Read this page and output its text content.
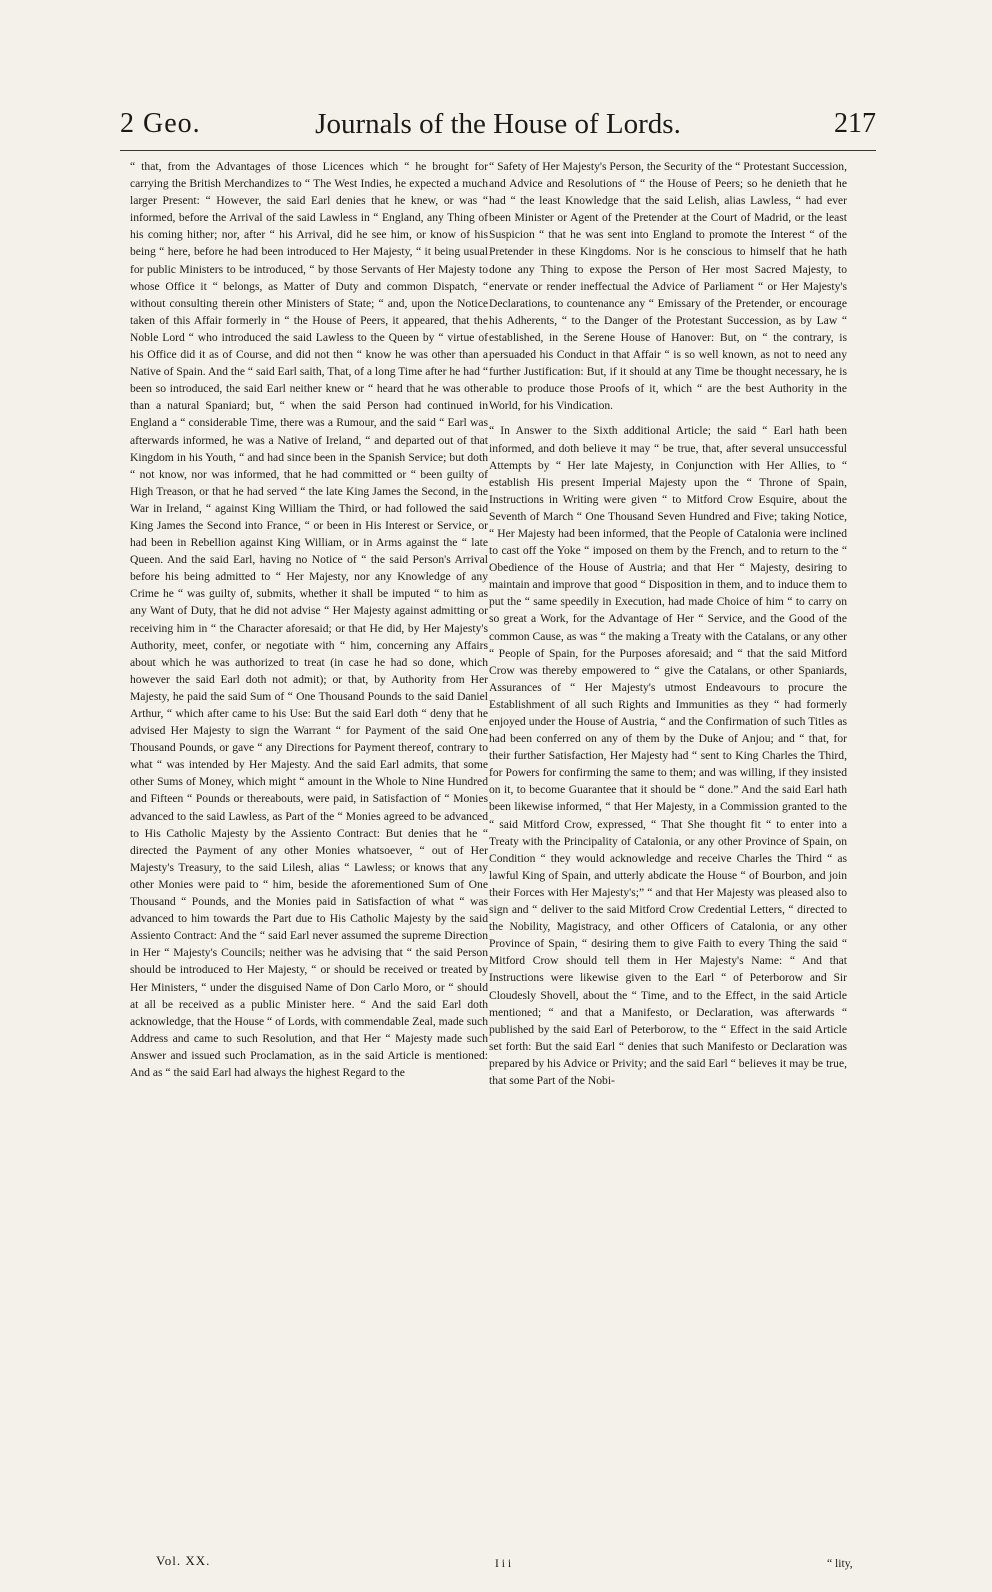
2 Geo.	Journals of the House of Lords.	217

“ that, from the Advantages of those Licences which “ he brought for carrying the British Merchandizes to “ The West Indies, he expected a much larger Present: “ However, the said Earl denies that he knew, or was “ informed, before the Arrival of the said Lawless in “ England, any Thing of his coming hither; nor, after “ his Arrival, did he see him, or know of his being “ here, before he had been introduced to Her Majesty, “ it being usual for public Ministers to be introduced, “ by those Servants of Her Majesty to whose Office it “ belongs, as Matter of Duty and common Dispatch, “ without consulting therein other Ministers of State; “ and, upon the Notice taken of this Affair formerly in “ the House of Peers, it appeared, that the Noble Lord “ who introduced the said Lawless to the Queen by “ virtue of his Office did it as of Course, and did not then “ know he was other than a Native of Spain. And the “ said Earl saith, That, of a long Time after he had “ been so introduced, the said Earl neither knew or “ heard that he was other than a natural Spaniard; but, “ when the said Person had continued in England a “ considerable Time, there was a Rumour, and the said “ Earl was afterwards informed, he was a Native of Ireland, “ and departed out of that Kingdom in his Youth, “ and had since been in the Spanish Service; but doth “ not know, nor was informed, that he had committed or “ been guilty of High Treason, or that he had served “ the late King James the Second, in the War in Ireland, “ against King William the Third, or had followed the said King James the Second into France, “ or been in His Interest or Service, or had been in Rebellion against King William, or in Arms against the “ late Queen. And the said Earl, having no Notice of “ the said Person's Arrival before his being admitted to “ Her Majesty, nor any Knowledge of any Crime he “ was guilty of, submits, whether it shall be imputed “ to him as any Want of Duty, that he did not advise “ Her Majesty against admitting or receiving him in “ the Character aforesaid; or that He did, by Her Majesty's Authority, meet, confer, or negotiate with “ him, concerning any Affairs about which he was authorized to treat (in case he had so done, which however the said Earl doth not admit); or that, by Authority from Her Majesty, he paid the said Sum of “ One Thousand Pounds to the said Daniel Arthur, “ which after came to his Use: But the said Earl doth “ deny that he advised Her Majesty to sign the Warrant “ for Payment of the said One Thousand Pounds, or gave “ any Directions for Payment thereof, contrary to what “ was intended by Her Majesty. And the said Earl admits, that some other Sums of Money, which might “ amount in the Whole to Nine Hundred and Fifteen “ Pounds or thereabouts, were paid, in Satisfaction of “ Monies advanced to the said Lawless, as Part of the “ Monies agreed to be advanced to His Catholic Majesty by the Assiento Contract: But denies that he “ directed the Payment of any other Monies whatsoever, “ out of Her Majesty's Treasury, to the said Lilesh, alias “ Lawless; or knows that any other Monies were paid to “ him, beside the aforementioned Sum of One Thousand “ Pounds, and the Monies paid in Satisfaction of what “ was advanced to him towards the Part due to His Catholic Majesty by the said Assiento Contract: And the “ said Earl never assumed the supreme Direction in Her “ Majesty's Councils; neither was he advising that “ the said Person should be introduced to Her Majesty, “ or should be received or treated by Her Ministers, “ under the disguised Name of Don Carlo Moro, or “ should at all be received as a public Minister here. “ And the said Earl doth acknowledge, that the House “ of Lords, with commendable Zeal, made such Address and came to such Resolution, and that Her “ Majesty made such Answer and issued such Proclamation, as in the said Article is mentioned: And as “ the said Earl had always the highest Regard to the

“ Safety of Her Majesty's Person, the Security of the “ Protestant Succession, and Advice and Resolutions of “ the House of Peers; so he denieth that he had “ the least Knowledge that the said Lelish, alias Lawless, “ had ever been Minister or Agent of the Pretender at the Court of Madrid, or the least Suspicion “ that he was sent into England to promote the Interest “ of the Pretender in these Kingdoms. Nor is he conscious to himself that he hath done any Thing to expose the Person of Her most Sacred Majesty, to enervate or render ineffectual the Advice of Parliament “ or Her Majesty's Declarations, to countenance any “ Emissary of the Pretender, or encourage his Adherents, “ to the Danger of the Protestant Succession, as by Law “ established, in the Serene House of Hanover: But, on “ the contrary, is persuaded his Conduct in that Affair “ is so well known, as not to need any further Justification: But, if it should at any Time be thought necessary, he is able to produce those Proofs of it, which “ are the best Authority in the World, for his Vindication.

“ In Answer to the Sixth additional Article; the said “ Earl hath been informed, and doth believe it may “ be true, that, after several unsuccessful Attempts by “ Her late Majesty, in Conjunction with Her Allies, to “ establish His present Imperial Majesty upon the “ Throne of Spain, Instructions in Writing were given “ to Mitford Crow Esquire, about the Seventh of March “ One Thousand Seven Hundred and Five; taking Notice, “ Her Majesty had been informed, that the People of Catalonia were inclined to cast off the Yoke “ imposed on them by the French, and to return to the “ Obedience of the House of Austria; and that Her “ Majesty, desiring to maintain and improve that good “ Disposition in them, and to induce them to put the “ same speedily in Execution, had made Choice of him “ to carry on so great a Work, for the Advantage of Her “ Service, and the Good of the common Cause, as was “ the making a Treaty with the Catalans, or any other “ People of Spain, for the Purposes aforesaid; and “ that the said Mitford Crow was thereby empowered to “ give the Catalans, or other Spaniards, Assurances of “ Her Majesty's utmost Endeavours to procure the Establishment of all such Rights and Immunities as they “ had formerly enjoyed under the House of Austria, “ and the Confirmation of such Titles as had been conferred on any of them by the Duke of Anjou; and “ that, for their further Satisfaction, Her Majesty had “ sent to King Charles the Third, for Powers for confirming the same to them; and was willing, if they insisted on it, to become Guarantee that it should be “ done.” And the said Earl hath been likewise informed, “ that Her Majesty, in a Commission granted to the “ said Mitford Crow, expressed, “ That She thought fit “ to enter into a Treaty with the Principality of Catalonia, or any other Province of Spain, on Condition “ they would acknowledge and receive Charles the Third “ as lawful King of Spain, and utterly abdicate the House “ of Bourbon, and join their Forces with Her Majesty's;” “ and that Her Majesty was pleased also to sign and “ deliver to the said Mitford Crow Credential Letters, “ directed to the Nobility, Magistracy, and other Officers of Catalonia, or any other Province of Spain, “ desiring them to give Faith to every Thing the said “ Mitford Crow should tell them in Her Majesty's Name: “ And that Instructions were likewise given to the Earl “ of Peterborow and Sir Cloudesly Shovell, about the “ Time, and to the Effect, in the said Article mentioned; “ and that a Manifesto, or Declaration, was afterwards “ published by the said Earl of Peterborow, to the “ Effect in the said Article set forth: But the said Earl “ denies that such Manifesto or Declaration was prepared by his Advice or Privity; and the said Earl “ believes it may be true, that some Part of the Nobi-

Vol. XX.	I i i	“ lity,
